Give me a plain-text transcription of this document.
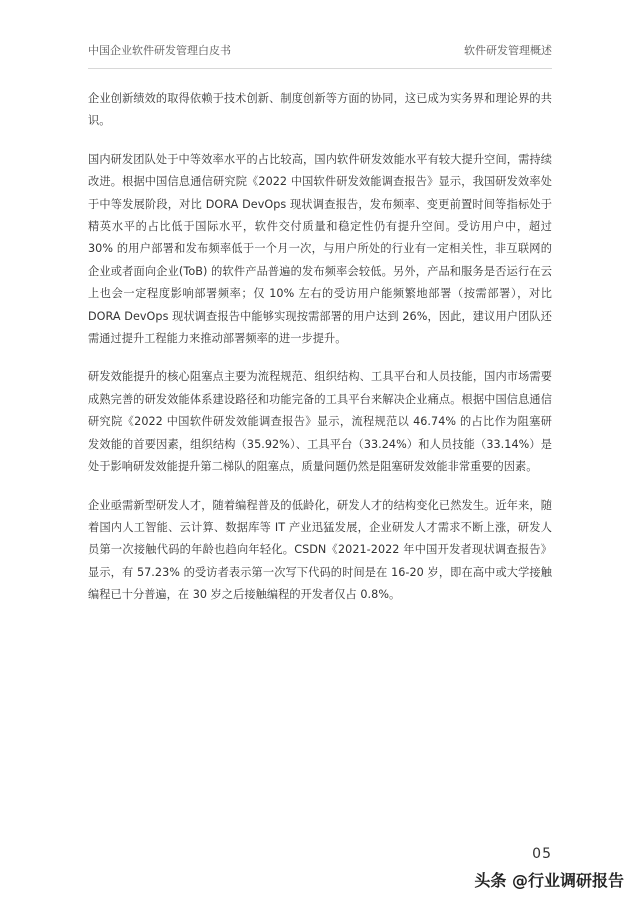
中国企业软件研发管理白皮书	软件研发管理概述

企业创新绩效的取得依赖于技术创新、制度创新等方面的协同，这已成为实务界和理论界的共识。

国内研发团队处于中等效率水平的占比较高，国内软件研发效能水平有较大提升空间，需持续改进。根据中国信息通信研究院《2022 中国软件研发效能调查报告》显示，我国研发效率处于中等发展阶段，对比 DORA DevOps 现状调查报告，发布频率、变更前置时间等指标处于精英水平的占比低于国际水平，软件交付质量和稳定性仍有提升空间。受访用户中，超过 30% 的用户部署和发布频率低于一个月一次，与用户所处的行业有一定相关性，非互联网的企业或者面向企业(ToB) 的软件产品普遍的发布频率会较低。另外，产品和服务是否运行在云上也会一定程度影响部署频率；仅 10% 左右的受访用户能频繁地部署（按需部署），对比 DORA DevOps 现状调查报告中能够实现按需部署的用户达到 26%，因此，建议用户团队还需通过提升工程能力来推动部署频率的进一步提升。

研发效能提升的核心阻塞点主要为流程规范、组织结构、工具平台和人员技能，国内市场需要成熟完善的研发效能体系建设路径和功能完备的工具平台来解决企业痛点。根据中国信息通信研究院《2022 中国软件研发效能调查报告》显示，流程规范以 46.74% 的占比作为阻塞研发效能的首要因素，组织结构（35.92%）、工具平台（33.24%）和人员技能（33.14%）是处于影响研发效能提升第二梯队的阻塞点，质量问题仍然是阻塞研发效能非常重要的因素。

企业亟需新型研发人才，随着编程普及的低龄化，研发人才的结构变化已然发生。近年来，随着国内人工智能、云计算、数据库等 IT 产业迅猛发展，企业研发人才需求不断上涨，研发人员第一次接触代码的年龄也趋向年轻化。CSDN《2021-2022 年中国开发者现状调查报告》显示，有 57.23% 的受访者表示第一次写下代码的时间是在 16-20 岁，即在高中或大学接触编程已十分普遍，在 30 岁之后接触编程的开发者仅占 0.8%。

05
头条 @行业调研报告
